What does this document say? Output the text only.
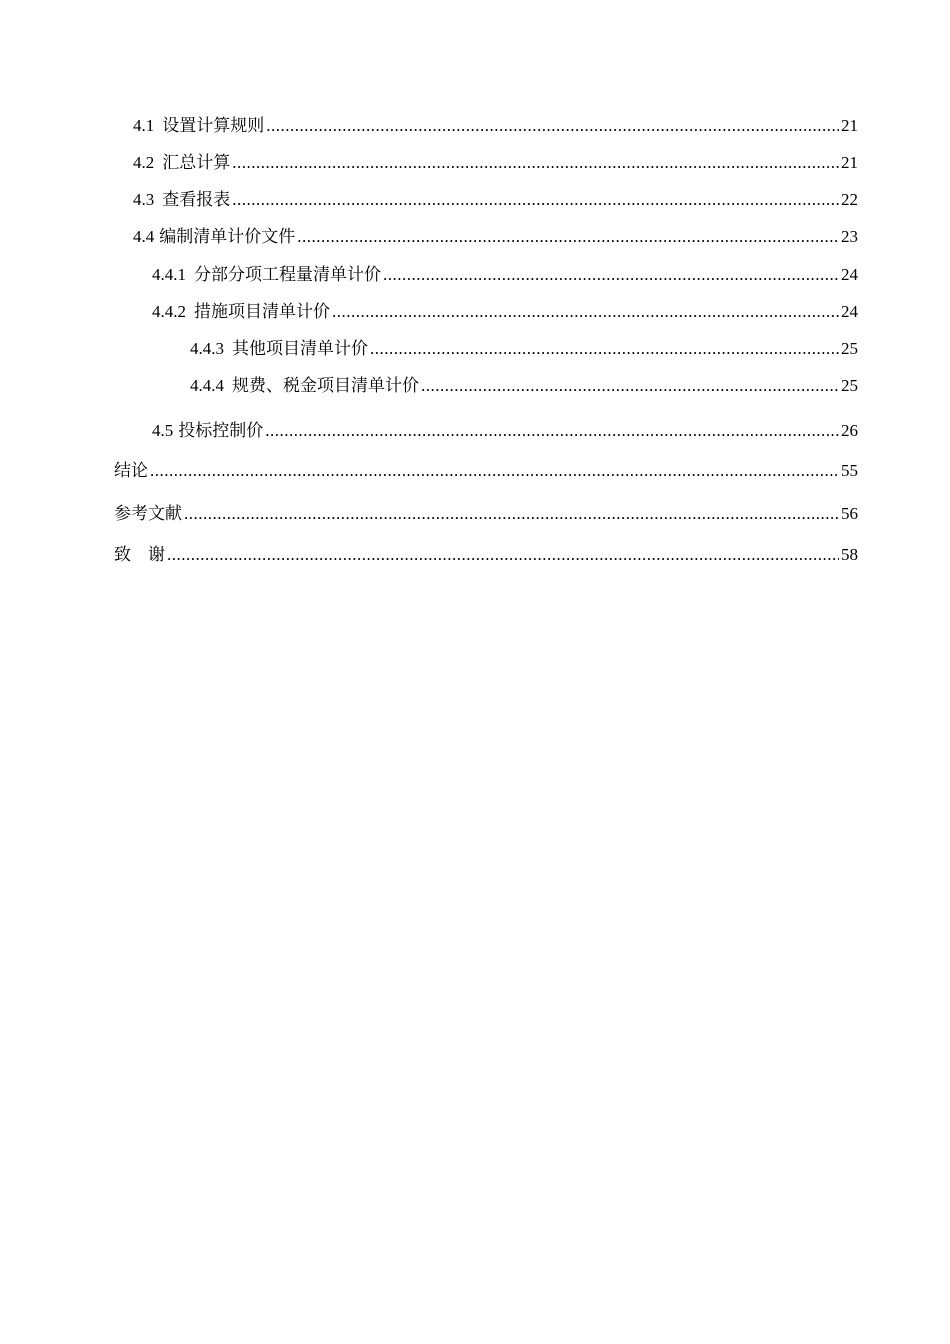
4.1 设置计算规则 .....	21
4.2 汇总计算 .....	21
4.3 查看报表 .....	22
4.4 编制清单计价文件 .....	23
4.4.1 分部分项工程量清单计价 .....	24
4.4.2 措施项目清单计价 .....	24
4.4.3 其他项目清单计价 .....	25
4.4.4 规费、税金项目清单计价 .....	25
4.5 投标控制价 .....	26
结论 .....	55
参考文献 .....	56
致　谢 .....	58
